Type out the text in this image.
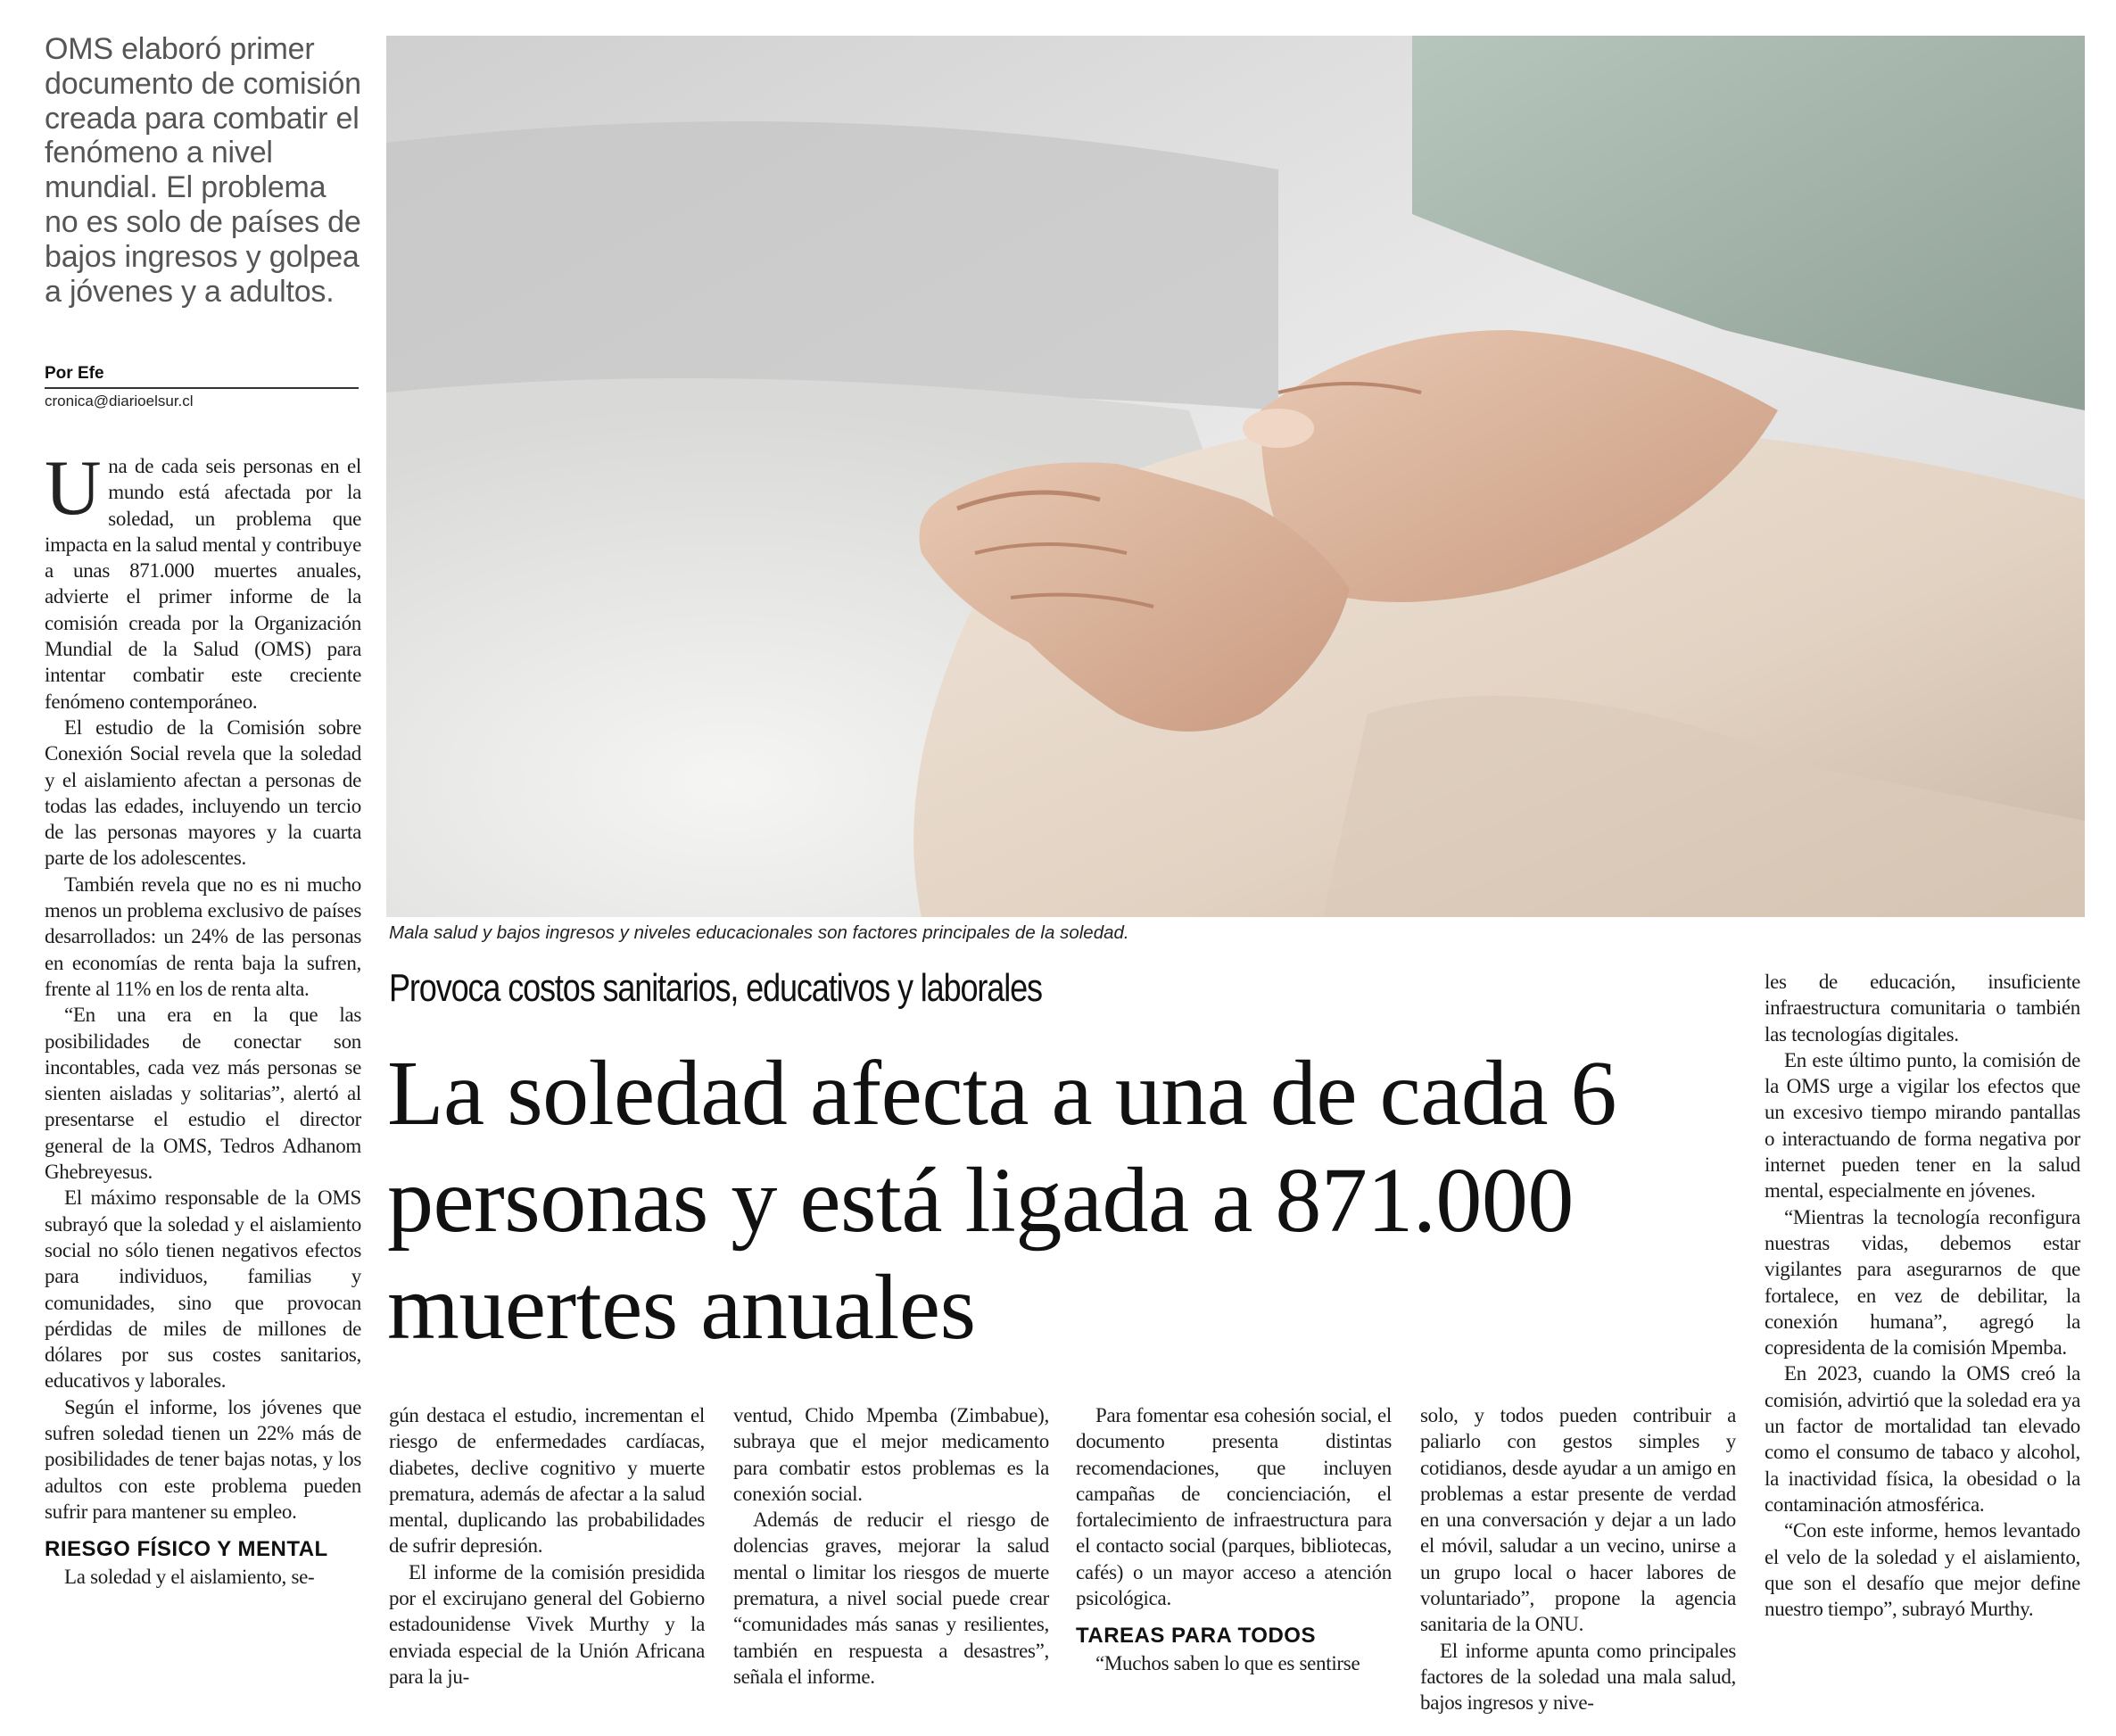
OMS elaboró primer documento de comisión creada para combatir el fenómeno a nivel mundial. El problema no es solo de países de bajos ingresos y golpea a jóvenes y a adultos.
Por Efe
cronica@diarioelsur.cl
Mala salud y bajos ingresos y niveles educacionales son factores principales de la soledad.
Provoca costos sanitarios, educativos y laborales
La soledad afecta a una de cada 6 personas y está ligada a 871.000 muertes anuales

Una de cada seis personas en el mundo está afectada por la soledad, un problema que impacta en la salud mental y contribuye a unas 871.000 muertes anuales, advierte el primer informe de la comisión creada por la Organización Mundial de la Salud (OMS) para intentar combatir este creciente fenómeno contemporáneo.

El estudio de la Comisión sobre Conexión Social revela que la soledad y el aislamiento afectan a personas de todas las edades, incluyendo un tercio de las personas mayores y la cuarta parte de los adolescentes.

También revela que no es ni mucho menos un problema exclusivo de países desarrollados: un 24% de las personas en economías de renta baja la sufren, frente al 11% en los de renta alta.

“En una era en la que las posibilidades de conectar son incontables, cada vez más personas se sienten aisladas y solitarias”, alertó al presentarse el estudio el director general de la OMS, Tedros Adhanom Ghebreyesus.

El máximo responsable de la OMS subrayó que la soledad y el aislamiento social no sólo tienen negativos efectos para individuos, familias y comunidades, sino que provocan pérdidas de miles de millones de dólares por sus costes sanitarios, educativos y laborales.

Según el informe, los jóvenes que sufren soledad tienen un 22% más de posibilidades de tener bajas notas, y los adultos con este problema pueden sufrir para mantener su empleo.

RIESGO FÍSICO Y MENTAL

La soledad y el aislamiento, se-

gún destaca el estudio, incrementan el riesgo de enfermedades cardíacas, diabetes, declive cognitivo y muerte prematura, además de afectar a la salud mental, duplicando las probabilidades de sufrir depresión.

El informe de la comisión presidida por el excirujano general del Gobierno estadounidense Vivek Murthy y la enviada especial de la Unión Africana para la ju-

ventud, Chido Mpemba (Zimbabue), subraya que el mejor medicamento para combatir estos problemas es la conexión social.

Además de reducir el riesgo de dolencias graves, mejorar la salud mental o limitar los riesgos de muerte prematura, a nivel social puede crear “comunidades más sanas y resilientes, también en respuesta a desastres”, señala el informe.

Para fomentar esa cohesión social, el documento presenta distintas recomendaciones, que incluyen campañas de concienciación, el fortalecimiento de infraestructura para el contacto social (parques, bibliotecas, cafés) o un mayor acceso a atención psicológica.

TAREAS PARA TODOS

“Muchos saben lo que es sentirse

solo, y todos pueden contribuir a paliarlo con gestos simples y cotidianos, desde ayudar a un amigo en problemas a estar presente de verdad en una conversación y dejar a un lado el móvil, saludar a un vecino, unirse a un grupo local o hacer labores de voluntariado”, propone la agencia sanitaria de la ONU.

El informe apunta como principales factores de la soledad una mala salud, bajos ingresos y nive-

les de educación, insuficiente infraestructura comunitaria o también las tecnologías digitales.

En este último punto, la comisión de la OMS urge a vigilar los efectos que un excesivo tiempo mirando pantallas o interactuando de forma negativa por internet pueden tener en la salud mental, especialmente en jóvenes.

“Mientras la tecnología reconfigura nuestras vidas, debemos estar vigilantes para asegurarnos de que fortalece, en vez de debilitar, la conexión humana”, agregó la copresidenta de la comisión Mpemba.

En 2023, cuando la OMS creó la comisión, advirtió que la soledad era ya un factor de mortalidad tan elevado como el consumo de tabaco y alcohol, la inactividad física, la obesidad o la contaminación atmosférica.

“Con este informe, hemos levantado el velo de la soledad y el aislamiento, que son el desafío que mejor define nuestro tiempo”, subrayó Murthy.
